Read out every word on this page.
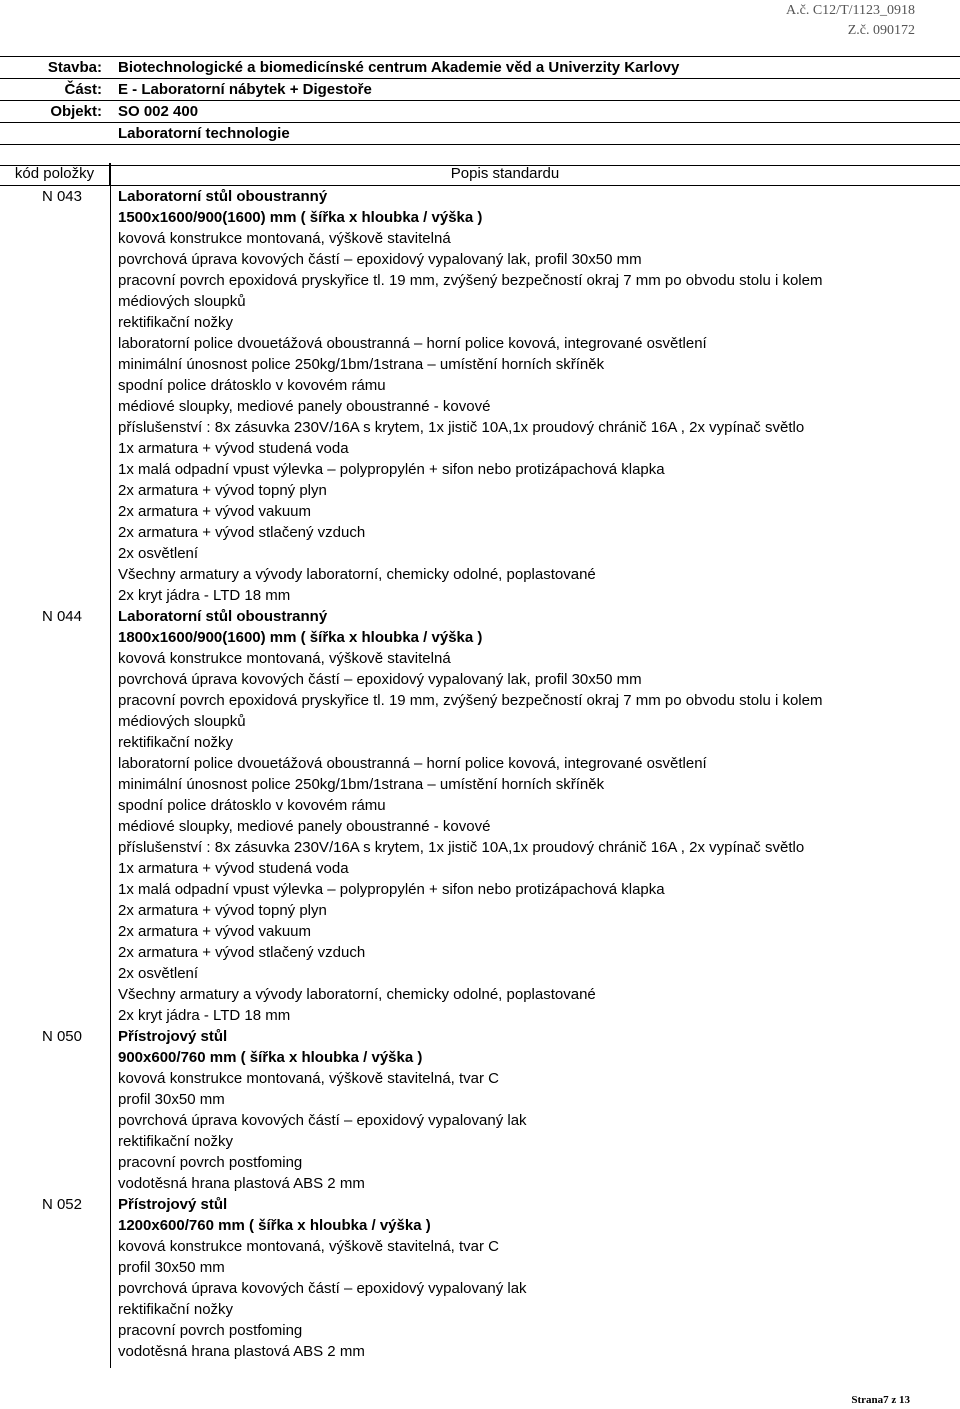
A.č. C12/T/1123_0918
Z.č. 090172
Stavba:	Biotechnologické a biomedicínské centrum Akademie věd a Univerzity Karlovy
Část:	E - Laboratorní nábytek + Digestoře
Objekt:	SO 002 400
Laboratorní technologie
kód položky	Popis standardu
N 043	Laboratorní stůl oboustranný
1500x1600/900(1600) mm ( šířka x hloubka / výška )
kovová konstrukce montovaná, výškově stavitelná
povrchová úprava kovových částí – epoxidový vypalovaný lak, profil 30x50 mm
pracovní povrch epoxidová pryskyřice tl. 19 mm, zvýšený bezpečností okraj 7 mm po obvodu stolu i kolem
médiových sloupků
rektifikační nožky
laboratorní police dvouetážová oboustranná – horní police kovová, integrované osvětlení
minimální únosnost police 250kg/1bm/1strana – umístění horních skříněk
spodní police drátosklo v kovovém rámu
médiové sloupky, mediové panely oboustranné - kovové
příslušenství : 8x zásuvka 230V/16A s krytem, 1x jistič 10A,1x proudový chránič 16A , 2x vypínač světlo
1x armatura + vývod studená voda
1x malá odpadní vpust výlevka – polypropylén + sifon nebo protizápachová klapka
2x armatura + vývod topný plyn
2x armatura + vývod vakuum
2x armatura + vývod stlačený vzduch
2x osvětlení
Všechny armatury a vývody laboratorní, chemicky odolné, poplastované
2x kryt jádra - LTD 18 mm
N 044	Laboratorní stůl oboustranný
1800x1600/900(1600) mm ( šířka x hloubka / výška )
kovová konstrukce montovaná, výškově stavitelná
povrchová úprava kovových částí – epoxidový vypalovaný lak, profil 30x50 mm
pracovní povrch epoxidová pryskyřice tl. 19 mm, zvýšený bezpečností okraj 7 mm po obvodu stolu i kolem
médiových sloupků
rektifikační nožky
laboratorní police dvouetážová oboustranná – horní police kovová, integrované osvětlení
minimální únosnost police 250kg/1bm/1strana – umístění horních skříněk
spodní police drátosklo v kovovém rámu
médiové sloupky, mediové panely oboustranné - kovové
příslušenství : 8x zásuvka 230V/16A s krytem, 1x jistič 10A,1x proudový chránič 16A , 2x vypínač světlo
1x armatura + vývod studená voda
1x malá odpadní vpust výlevka – polypropylén + sifon nebo protizápachová klapka
2x armatura + vývod topný plyn
2x armatura + vývod vakuum
2x armatura + vývod stlačený vzduch
2x osvětlení
Všechny armatury a vývody laboratorní, chemicky odolné, poplastované
2x kryt jádra - LTD 18 mm
N 050	Přístrojový stůl
900x600/760 mm ( šířka x hloubka / výška )
kovová konstrukce montovaná, výškově stavitelná, tvar C
profil 30x50 mm
povrchová úprava kovových částí – epoxidový vypalovaný lak
rektifikační nožky
pracovní povrch postfoming
vodotěsná hrana plastová ABS 2 mm
N 052	Přístrojový stůl
1200x600/760 mm ( šířka x hloubka / výška )
kovová konstrukce montovaná, výškově stavitelná, tvar C
profil 30x50 mm
povrchová úprava kovových částí – epoxidový vypalovaný lak
rektifikační nožky
pracovní povrch postfoming
vodotěsná hrana plastová ABS 2 mm
Strana7 z 13
